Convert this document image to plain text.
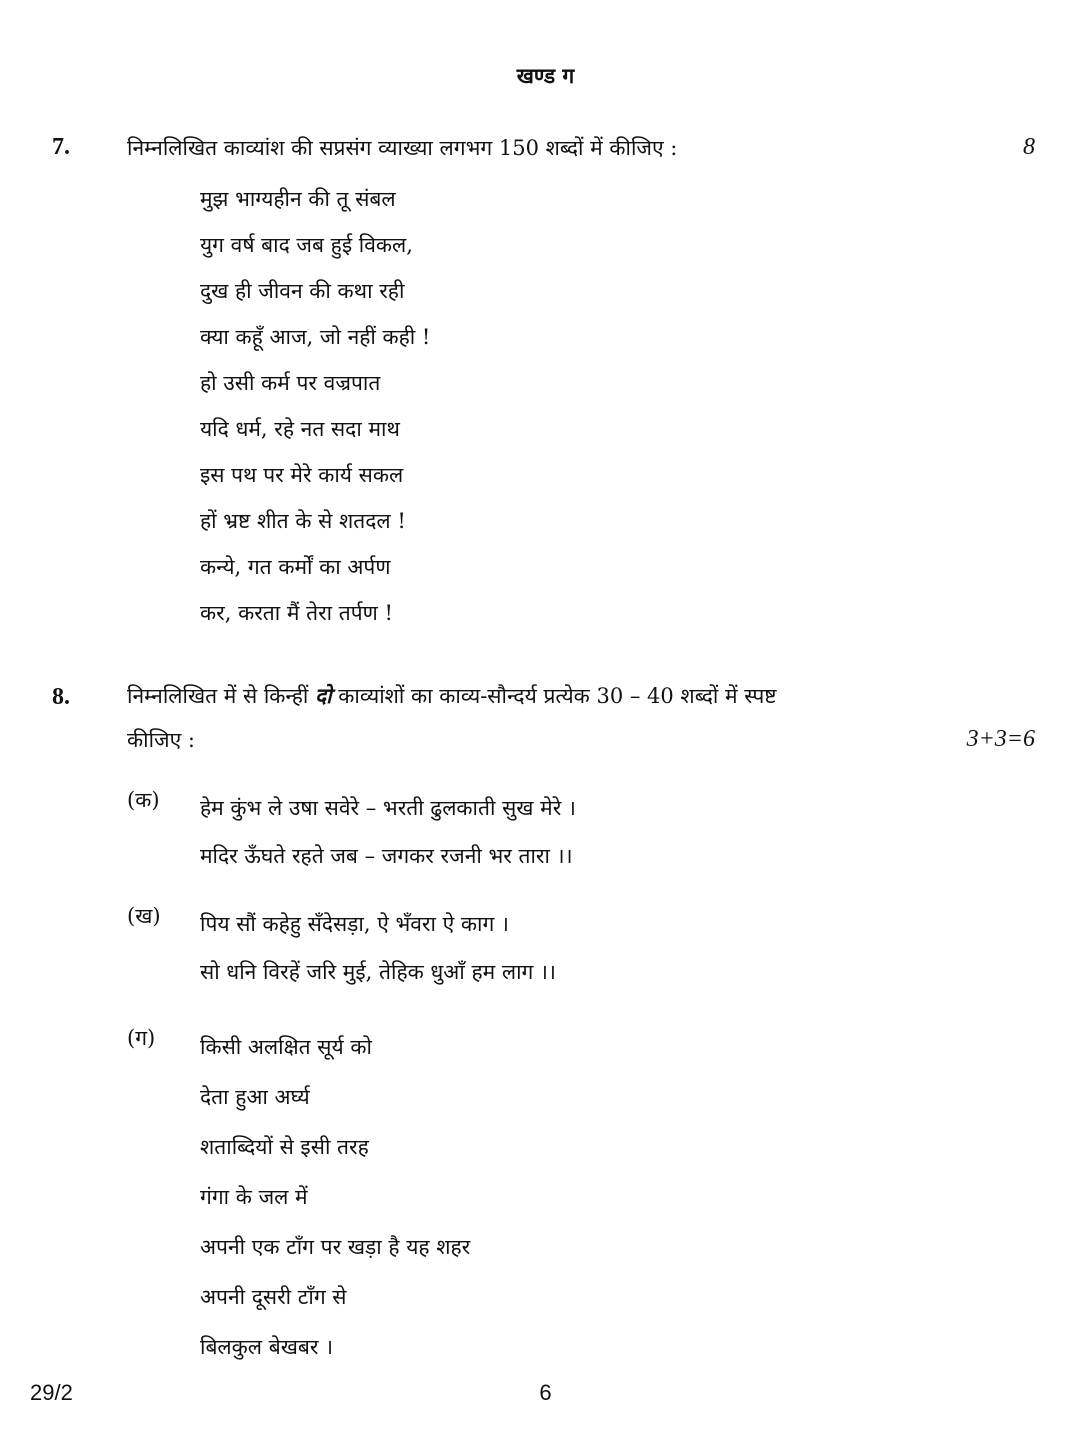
खण्ड ग
7.	निम्नलिखित काव्यांश की सप्रसंग व्याख्या लगभग 150 शब्दों में कीजिए :	8
मुझ भाग्यहीन की तू संबल
युग वर्ष बाद जब हुई विकल,
दुख ही जीवन की कथा रही
क्या कहूँ आज, जो नहीं कही !
हो उसी कर्म पर वज्रपात
यदि धर्म, रहे नत सदा माथ
इस पथ पर मेरे कार्य सकल
हों भ्रष्ट शीत के से शतदल !
कन्ये, गत कर्मों का अर्पण
कर, करता मैं तेरा तर्पण !
8.	निम्नलिखित में से किन्हीं दो काव्यांशों का काव्य-सौन्दर्य प्रत्येक 30 – 40 शब्दों में स्पष्ट
कीजिए :	3+3=6
(क) हेम कुंभ ले उषा सवेरे – भरती ढुलकाती सुख मेरे ।
मदिर ऊँघते रहते जब – जगकर रजनी भर तारा ।।
(ख) पिय सौं कहेहु सँदेसड़ा, ऐ भँवरा ऐ काग ।
सो धनि विरहें जरि मुई, तेहिक धुआँ हम लाग ।।
(ग) किसी अलक्षित सूर्य को
देता हुआ अर्घ्य
शताब्दियों से इसी तरह
गंगा के जल में
अपनी एक टाँग पर खड़ा है यह शहर
अपनी दूसरी टाँग से
बिलकुल बेखबर ।
29/2	6
